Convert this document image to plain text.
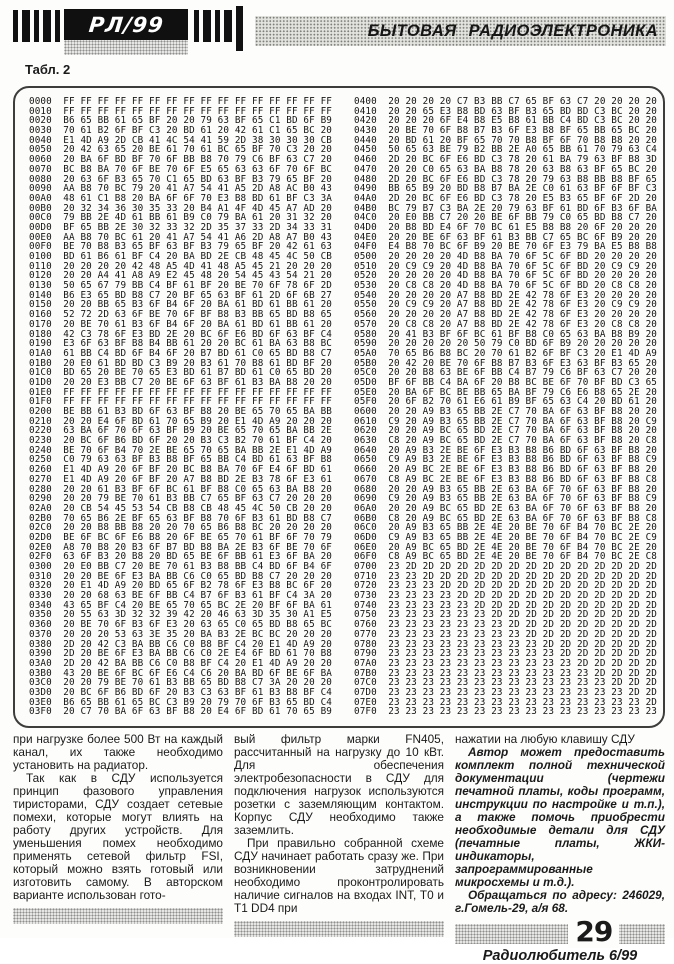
РЛ/99	БЫТОВАЯ РАДИОЭЛЕКТРОНИКА
Табл. 2
0000  FF FF FF FF FF FF FF FF FF FF FF FF FF FF FF FF
0010  FF FF FF FF FF FF FF FF FF FF FF FF FF FF FF FF
0020  B6 65 BB 61 65 BF 20 20 79 63 BF 65 C1 BD 6F B9
0030  70 61 B2 6F BF C3 20 BD 61 20 42 61 C1 65 BC 20
0040  E1 4D A9 2D CB 41 4C 54 41 59 2D 38 30 30 30 CB
0050  20 42 63 65 20 BE 61 70 61 BC 65 BF 70 C3 20 20
0060  20 BA 6F BD BF 70 6F BB B8 70 79 C6 BF 63 C7 20
0070  BC B8 BA 70 6F BE 70 6F E5 65 63 63 6F 70 6F BC
0080  20 63 6F B3 65 70 C1 65 BD 63 BF B3 79 65 BF 20
0090  AA B8 70 BC 79 20 41 A7 54 41 A5 2D A8 AC B0 43
00A0  48 61 C1 B8 20 BA 6F 6F 70 E3 B8 BD 61 BF C3 3A
00B0  20 32 34 36 30 35 33 20 B4 A1 4F 4D 45 A7 AD 20
00C0  79 BB 2E 4D 61 BB 61 B9 C0 79 BA 61 20 31 32 20
00D0  BF 65 BB 2E 30 32 33 32 2D 35 37 33 2D 34 33 31
00E0  AA B8 70 BC 61 20 41 A7 54 41 A6 2D A8 A7 B0 43
00F0  BE 70 B8 B3 65 BF 63 BF B3 79 65 BF 20 42 61 63
0100  BD 61 B6 61 BF C4 20 BA BD 2E CB 48 45 4C 50 CB
0110  20 20 20 20 42 48 A5 4D 41 48 A5 45 21 20 20 20
0120  20 20 A4 41 A8 A9 E2 45 48 20 54 45 43 54 21 20
0130  50 65 67 79 BB C4 BF 61 BF 20 BE 70 6F 78 6F 2D
0140  B6 E3 65 BD B8 C7 20 BF 65 63 BF 61 2D 6F 6B 27
0150  20 20 BB 65 B3 6F B4 6F 20 BA 61 BD 61 BB 61 20
0160  52 72 2D 63 6F BE 70 6F BF B8 B3 BB 65 BD B8 65
0170  20 BE 70 61 B3 6F B4 6F 20 BA 61 BD 61 BB 61 20
0180  42 C3 78 6F E3 BD 2E 20 BC 6F E6 BD 6F 63 BF C4
0190  E3 6F 63 BF B8 B4 BB 61 20 20 BC 61 BA 63 B8 BC
01A0  61 BB C4 BD 6F B4 6F 20 B7 BD 61 C0 65 BD B8 C7
01B0  20 E0 61 BD BD C3 B9 20 B3 61 70 B8 61 BD BF 20
01C0  BD 65 20 BE 70 65 E3 BD 61 B7 BD 61 C0 65 BD 20
01D0  20 20 E3 BB C7 20 BE 6F 63 BF 61 B3 BA B8 20 20
01E0  FF FF FF FF FF FF FF FF FF FF FF FF FF FF FF FF
01F0  FF FF FF FF FF FF FF FF FF FF FF FF FF FF FF FF
0200  BE BB 61 B3 BD 6F 63 BF B8 20 BE 65 70 65 BA BB
0210  20 20 E4 6F BD 61 70 65 B9 20 E1 4D A9 20 20 20
0220  63 BA 6F 70 6F 63 BF B9 20 BE 65 70 65 BA BB 2E
0230  20 BC 6F B6 BD 6F 20 20 B3 C3 B2 70 61 BF C4 20
0240  BE 70 6F B4 70 2E BE 65 70 65 BA BB 2E E1 4D A9
0250  C0 79 63 63 BF B3 B8 BF 65 BB C4 BD 61 63 BF B8
0260  E1 4D A9 20 6F BF 20 BC B8 BA 70 6F E4 6F BD 61
0270  E1 4D A9 20 6F BF 20 A7 B8 BD 2E B3 78 6F E3 61
0280  20 20 61 B3 BF 6F BC 61 BF B8 C0 65 63 BA B8 20
0290  20 20 79 BE 70 61 B3 BB C7 65 BF 63 C7 20 20 20
02A0  20 CB 54 45 53 54 CB B8 CB 48 45 4C 50 CB 20 20
02B0  70 65 B6 2E BF 65 63 BF B8 70 6F B3 61 BD B8 C7
02C0  20 20 B8 BB B8 20 20 70 65 B6 B8 BC 20 20 20 20
02D0  BE 6F BC 6F E6 B8 20 6F BE 65 70 61 BF 6F 70 79
02E0  A8 70 B8 20 B3 6F B7 BD B8 BA 2E B3 6F BE 70 6F
02F0  63 6F B3 20 B8 20 BD 65 BE 6F BB 61 E3 6F BA 20
0300  20 E0 BB C7 20 BE 70 61 B3 B8 BB C4 BD 6F B4 6F
0310  20 20 BE 6F E3 BA BB C6 C0 65 BD B8 C7 20 20 20
0320  20 E1 4D A9 20 BD 65 6F B2 78 6F E3 B8 BC 6F 20
0330  20 20 68 63 BE 6F BB C4 B7 6F B3 61 BF C4 3A 20
0340  43 65 BF C4 20 BE 65 70 65 BC 2E 20 BF 6F BA 61
0350  20 55 63 3D 32 32 39 42 20 46 63 3D 35 30 A1 E5
0360  20 BE 70 6F B3 6F E3 20 63 65 C0 65 BD B8 65 BC
0370  20 20 20 53 63 3E 35 20 BA B3 2E BC BC 20 20 20
0380  2D 20 42 C3 BA BB C6 C0 B8 BF C4 20 E1 4D A9 20
0390  2D 20 BE 6F E3 BA BB C6 C0 2E E4 6F BD 61 70 B8
03A0  2D 20 42 BA BB C6 C0 B8 BF C4 20 E1 4D A9 20 20
03B0  43 20 BE 6F BC 6F E6 C4 C6 20 BA BD 6F BE 6F BA
03C0  20 20 79 BE 70 61 B3 BB 65 BD B8 C7 3A 20 20 20
03D0  20 BC 6F B6 BD 6F 20 B3 C3 63 BF 61 B3 B8 BF C4
03E0  B6 65 BB 61 65 BC C3 B9 20 79 70 6F B3 65 BD C4
03F0  20 C7 70 BA 6F 63 BF B8 20 E4 6F BD 61 70 65 B9
0400  20 20 20 20 C7 B3 BB C7 65 BF 63 C7 20 20 20 20
0410  20 20 65 E3 B8 BD 63 BF B3 65 BD BD C3 BC 20 20
0420  20 20 20 6F E4 B8 E5 B8 61 BB C4 BD C3 BC 20 20
0430  20 BE 70 6F B8 B7 B3 6F E3 B8 BF 65 BB 65 BC 20
0440  20 BD 61 20 BF 65 70 70 B8 BF 6F 70 B8 B8 20 20
0450  50 65 63 BE 79 B2 BB 2E A0 65 BB 61 70 79 63 C4
0460  2D 20 BC 6F E6 BD C3 78 20 61 BA 79 63 BF B8 3D
0470  20 20 C0 65 63 BA B8 78 20 63 B8 63 BF 65 BC 20
0480  2D 20 BC 6F E6 BD C3 78 20 79 63 B8 BB B8 BF 65
0490  BB 65 B9 20 BD B8 B7 BA 2E C0 61 63 BF 6F BF C3
04A0  2D 20 BC 6F E6 BD C3 78 20 E5 B3 65 BF 6F 2D 20
04B0  BC 79 B7 C3 BA 2E 20 79 63 BF 61 BD 6F B3 6F BA
04C0  20 E0 BB C7 20 20 BE 6F BB 79 C0 65 BD B8 C7 20
04D0  20 B8 BD E4 6F 70 BC 61 E5 B8 B8 20 6F 20 20 20
04E0  20 20 BE 6F 63 BF 61 B3 BB C7 65 BC 6F B9 20 20
04F0  E4 B8 70 BC 6F B9 20 BE 70 6F E3 79 BA E5 B8 B8
0500  20 20 20 20 4D B8 BA 70 6F 5C 6F BD 20 20 20 20
0510  20 C9 C9 20 4D B8 BA 70 6F 5C 6F BD 20 C9 C9 20
0520  20 20 20 20 4D B8 BA 70 6F 5C 6F BD 20 20 20 20
0530  20 C8 C8 20 4D B8 BA 70 6F 5C 6F BD 20 C8 C8 20
0540  20 20 20 20 A7 B8 BD 2E 42 78 6F E3 20 20 20 20
0550  20 C9 C9 20 A7 B8 BD 2E 42 78 6F E3 20 C9 C9 20
0560  20 20 20 20 A7 B8 BD 2E 42 78 6F E3 20 20 20 20
0570  20 C8 C8 20 A7 B8 BD 2E 42 78 6F E3 20 C8 C8 20
0580  20 41 B3 BF 6F BC 61 BF B8 C0 65 63 BA B8 B9 20
0590  20 20 20 20 20 50 79 C0 BD 6F B9 20 20 20 20 20
05A0  70 65 B6 B8 BC 20 70 61 B2 6F BF C3 20 E1 4D A9
05B0  20 42 20 BE 70 6F B8 B7 B3 6F E3 63 BF B3 65 20
05C0  20 20 B8 63 BE 6F BB C4 B7 79 C6 BF 63 C7 20 20
05D0  BF 6F BB C4 BA 6F 20 B8 BC BE 6F 70 BF BD C3 65
05E0  20 BA 6F BC BE BB 65 BA BF 79 C6 E6 B8 65 2E 20
05F0  20 6F B2 70 61 E6 61 B9 BF 65 63 C4 20 BD 61 20
0600  20 20 A9 B3 65 BB 2E C7 70 BA 6F 63 BF B8 20 20
0610  C9 20 A9 B3 65 BB 2E C7 70 BA 6F 63 BF B8 20 C9
0620  20 20 A9 BC 65 BD 2E C7 70 BA 6F 63 BF B8 20 20
0630  C8 20 A9 BC 65 BD 2E C7 70 BA 6F 63 BF B8 20 C8
0640  20 A9 B3 2E BE 6F E3 B3 B8 B6 BD 6F 63 BF B8 20
0650  C9 A9 B3 2E BE 6F E3 B3 B8 B6 BD 6F 63 BF B8 C9
0660  20 A9 BC 2E BE 6F E3 B3 B8 B6 BD 6F 63 BF B8 20
0670  C8 A9 BC 2E BE 6F E3 B3 B8 B6 BD 6F 63 BF B8 C8
0680  20 20 A9 B3 65 BB 2E 63 BA 6F 70 6F 63 BF B8 20
0690  C9 20 A9 B3 65 BB 2E 63 BA 6F 70 6F 63 BF B8 C9
06A0  20 20 A9 BC 65 BD 2E 63 BA 6F 70 6F 63 BF B8 20
06B0  C8 20 A9 BC 65 BD 2E 63 BA 6F 70 6F 63 BF B8 C8
06C0  20 A9 B3 65 BB 2E 4E 20 BE 70 6F B4 70 BC 2E 20
06D0  C9 A9 B3 65 BB 2E 4E 20 BE 70 6F B4 70 BC 2E C9
06E0  20 A9 BC 65 BD 2E 4E 20 BE 70 6F B4 70 BC 2E 20
06F0  C8 A9 BC 65 BD 2E 4E 20 BE 70 6F B4 70 BC 2E C8
0700  23 2D 2D 2D 2D 2D 2D 2D 2D 2D 2D 2D 2D 2D 2D 2D
0710  23 23 2D 2D 2D 2D 2D 2D 2D 2D 2D 2D 2D 2D 2D 2D
0720  23 23 23 2D 2D 2D 2D 2D 2D 2D 2D 2D 2D 2D 2D 2D
0730  23 23 23 23 2D 2D 2D 2D 2D 2D 2D 2D 2D 2D 2D 2D
0740  23 23 23 23 23 2D 2D 2D 2D 2D 2D 2D 2D 2D 2D 2D
0750  23 23 23 23 23 23 2D 2D 2D 2D 2D 2D 2D 2D 2D 2D
0760  23 23 23 23 23 23 23 2D 2D 2D 2D 2D 2D 2D 2D 2D
0770  23 23 23 23 23 23 23 23 2D 2D 2D 2D 2D 2D 2D 2D
0780  23 23 23 23 23 23 23 23 23 2D 2D 2D 2D 2D 2D 2D
0790  23 23 23 23 23 23 23 23 23 23 2D 2D 2D 2D 2D 2D
07A0  23 23 23 23 23 23 23 23 23 23 23 2D 2D 2D 2D 2D
07B0  23 23 23 23 23 23 23 23 23 23 23 23 2D 2D 2D 2D
07C0  23 23 23 23 23 23 23 23 23 23 23 23 23 2D 2D 2D
07D0  23 23 23 23 23 23 23 23 23 23 23 23 23 23 2D 2D
07E0  23 23 23 23 23 23 23 23 23 23 23 23 23 23 23 2D
07F0  23 23 23 23 23 23 23 23 23 23 23 23 23 23 23 23

при нагрузке более 500 Вт на каждый канал, их также необходимо установить на радиатор.

Так как в СДУ используется принцип фазового управления тиристорами, СДУ создает сетевые помехи, которые могут влиять на работу других устройств. Для уменьшения помех необходимо применять сетевой фильтр FSI, который можно взять готовый или изготовить самому. В авторском варианте использован гото-

вый фильтр марки FN405, рассчитанный на нагрузку до 10 кВт. Для обеспечения электробезопасности в СДУ для подключения нагрузок используются розетки с заземляющим контактом. Корпус СДУ необходимо также заземлить.

При правильно собранной схеме СДУ начинает работать сразу же. При возникновении затруднений необходимо проконтролировать наличие сигналов на входах INT, T0 и T1 DD4 при

нажатии на любую клавишу СДУ

Автор может предоставить комплект полной технической документации (чертежи печатной платы, коды программ, инструкции по настройке и т.п.), а также помочь приобрести необходимые детали для СДУ (печатные платы, ЖКИ-индикаторы, запрограммированные микросхемы и т.д.).

Обращаться по адресу: 246029, г.Гомель-29, а/я 68.

29
Радиолюбитель 6/99
